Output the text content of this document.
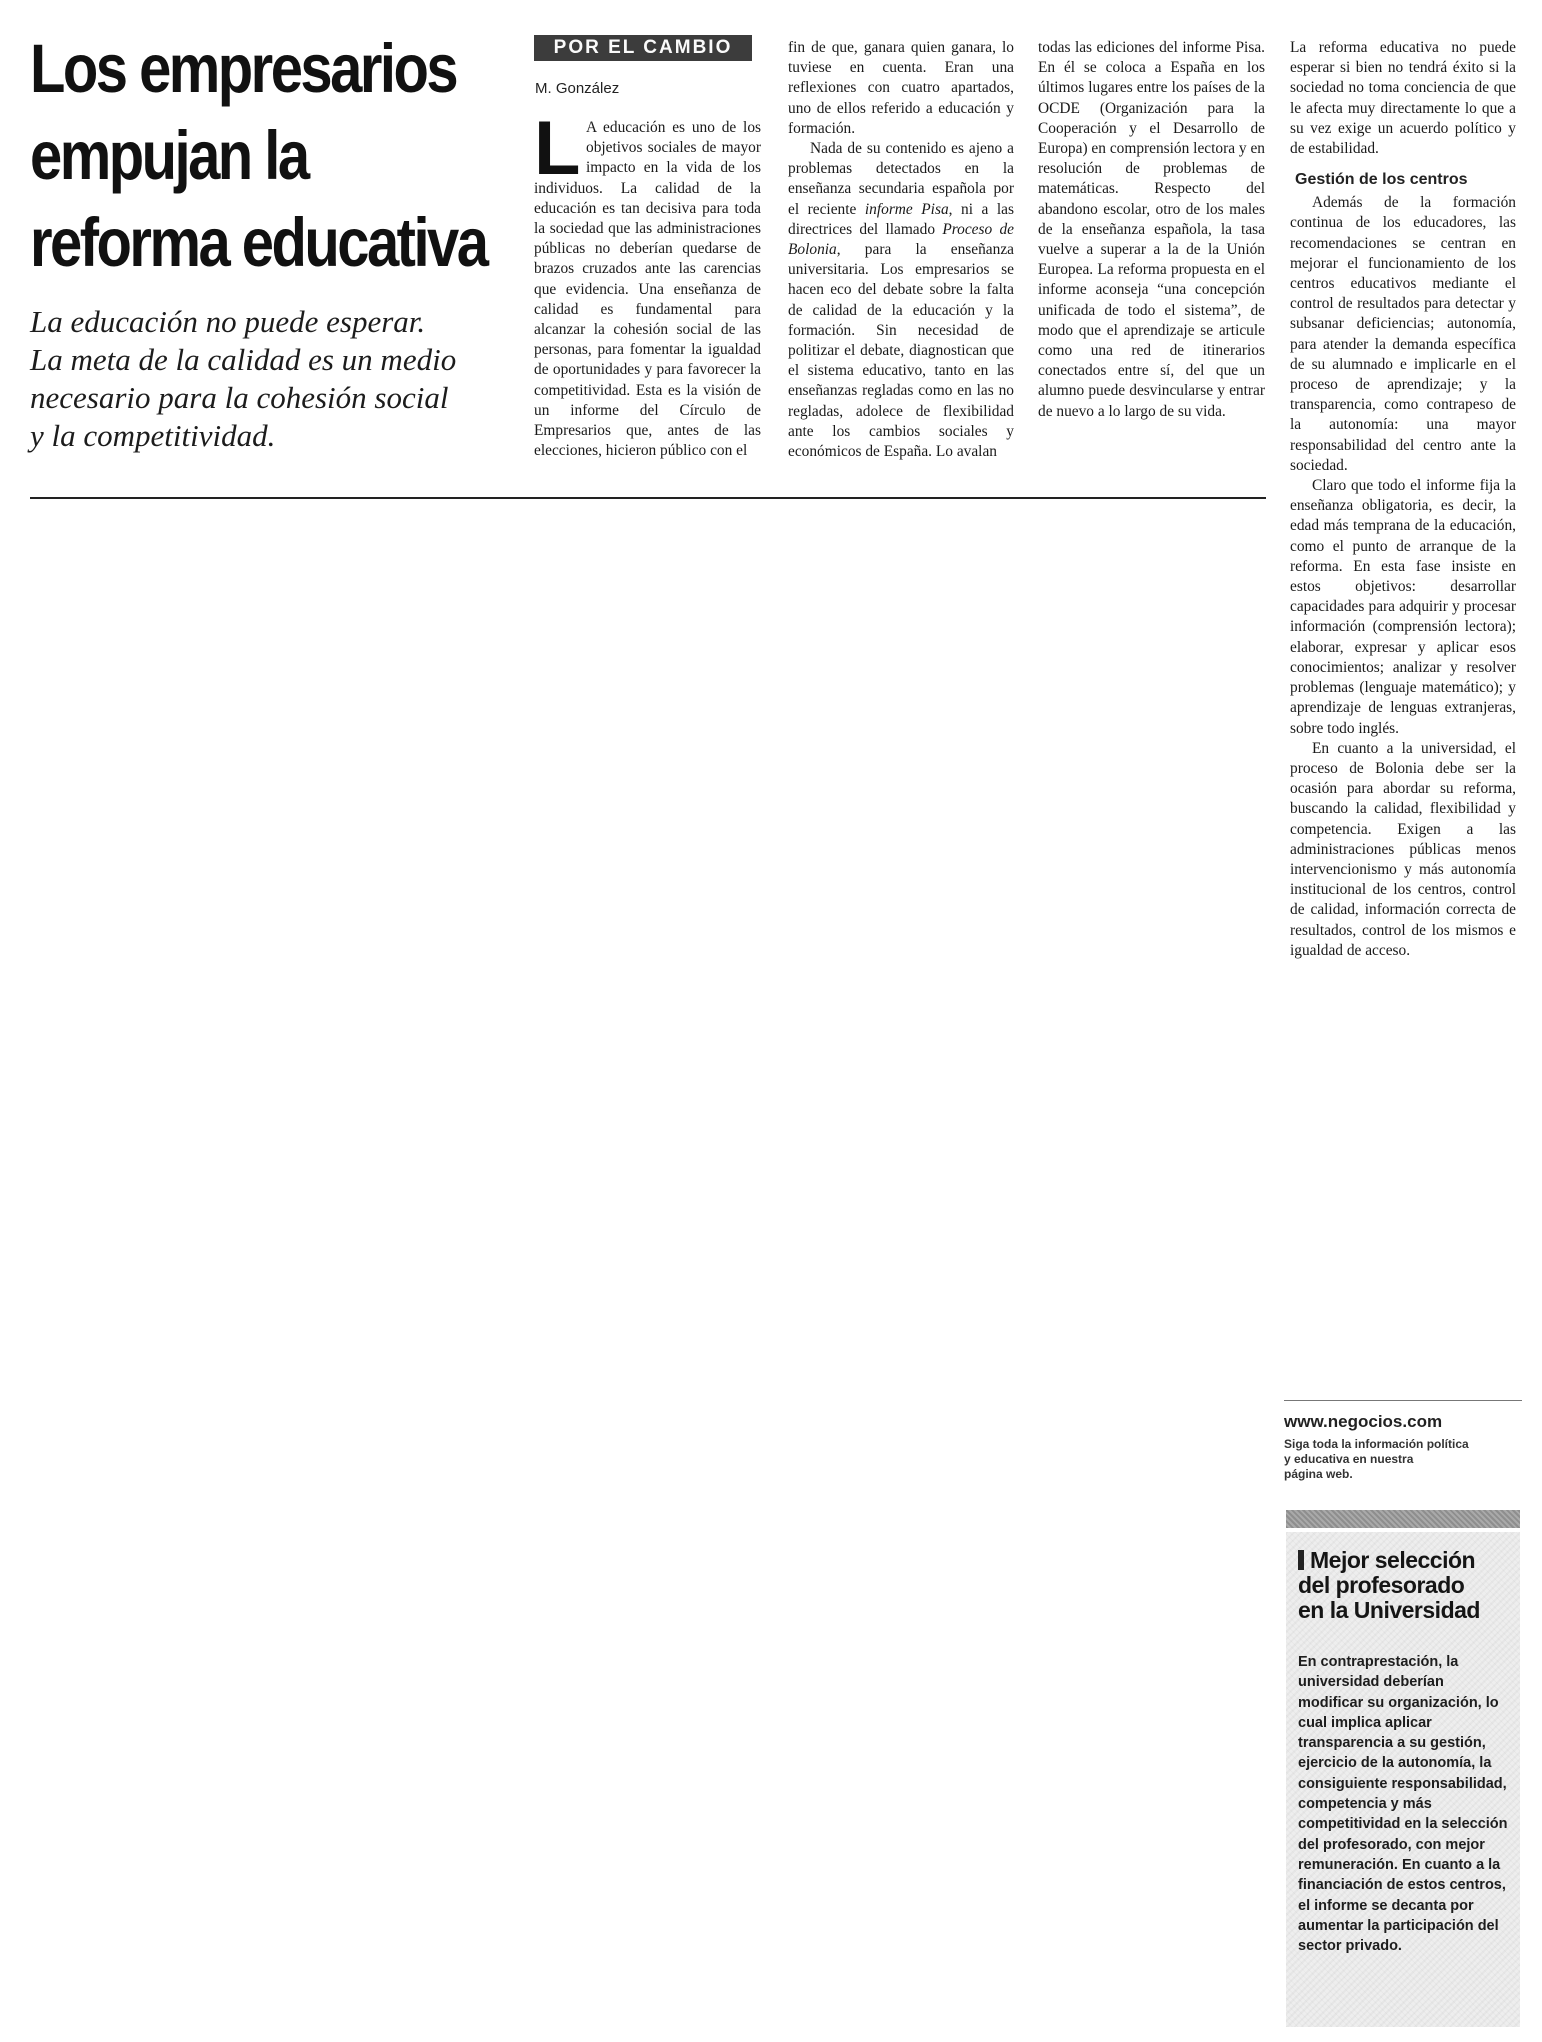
Los empresarios
empujan la
reforma educativa
La educación no puede esperar.
La meta de la calidad es un medio
necesario para la cohesión social
y la competitividad.
POR EL CAMBIO
M. González

L A educación es uno de los objetivos sociales de mayor impacto en la vida de los individuos. La calidad de la educación es tan decisiva para toda la sociedad que las administraciones públicas no deberían quedarse de brazos cruzados ante las carencias que evidencia. Una enseñanza de calidad es fundamental para alcanzar la cohesión social de las personas, para fomentar la igualdad de oportunidades y para favorecer la competitividad. Esta es la visión de un informe del Círculo de Empresarios que, antes de las elecciones, hicieron público con el

fin de que, ganara quien ganara, lo tuviese en cuenta. Eran una reflexiones con cuatro apartados, uno de ellos referido a educación y formación.

Nada de su contenido es ajeno a problemas detectados en la enseñanza secundaria española por el reciente informe Pisa, ni a las directrices del llamado Proceso de Bolonia, para la enseñanza universitaria. Los empresarios se hacen eco del debate sobre la falta de calidad de la educación y la formación. Sin necesidad de politizar el debate, diagnostican que el sistema educativo, tanto en las enseñanzas regladas como en las no regladas, adolece de flexibilidad ante los cambios sociales y económicos de España. Lo avalan

todas las ediciones del informe Pisa. En él se coloca a España en los últimos lugares entre los países de la OCDE (Organización para la Cooperación y el Desarrollo de Europa) en comprensión lectora y en resolución de problemas de matemáticas. Respecto del abandono escolar, otro de los males de la enseñanza española, la tasa vuelve a superar a la de la Unión Europea. La reforma propuesta en el informe aconseja “una concepción unificada de todo el sistema”, de modo que el aprendizaje se articule como una red de itinerarios conectados entre sí, del que un alumno puede desvincularse y entrar de nuevo a lo largo de su vida.

La reforma educativa no puede esperar si bien no tendrá éxito si la sociedad no toma conciencia de que le afecta muy directamente lo que a su vez exige un acuerdo político y de estabilidad.

Gestión de los centros

Además de la formación continua de los educadores, las recomendaciones se centran en mejorar el funcionamiento de los centros educativos mediante el control de resultados para detectar y subsanar deficiencias; autonomía, para atender la demanda específica de su alumnado e implicarle en el proceso de aprendizaje; y la transparencia, como contrapeso de la autonomía: una mayor responsabilidad del centro ante la sociedad.

Claro que todo el informe fija la enseñanza obligatoria, es decir, la edad más temprana de la educación, como el punto de arranque de la reforma. En esta fase insiste en estos objetivos: desarrollar capacidades para adquirir y procesar información (comprensión lectora); elaborar, expresar y aplicar esos conocimientos; analizar y resolver problemas (lenguaje matemático); y aprendizaje de lenguas extranjeras, sobre todo inglés.

En cuanto a la universidad, el proceso de Bolonia debe ser la ocasión para abordar su reforma, buscando la calidad, flexibilidad y competencia. Exigen a las administraciones públicas menos intervencionismo y más autonomía institucional de los centros, control de calidad, información correcta de resultados, control de los mismos e igualdad de acceso.

www.negocios.com
Siga toda la información política
y educativa en nuestra
página web.
Mejor selección
del profesorado
en la Universidad
En contraprestación, la universidad deberían modificar su organización, lo cual implica aplicar transparencia a su gestión, ejercicio de la autonomía, la consiguiente responsabilidad, competencia y más competitividad en la selección del profesorado, con mejor remuneración. En cuanto a la financiación de estos centros, el informe se decanta por aumentar la participación del sector privado.
